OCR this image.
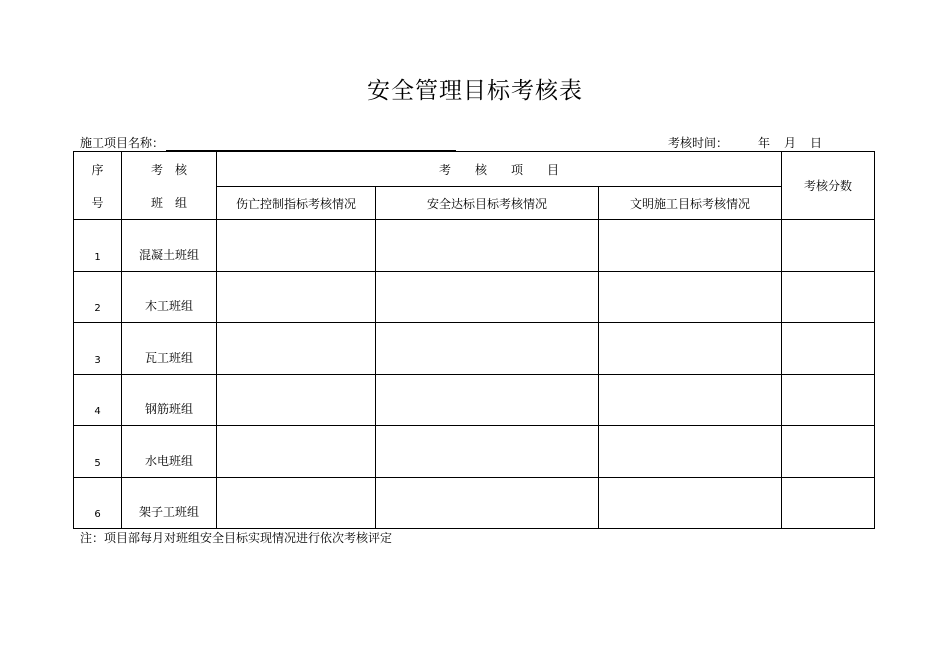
安全管理目标考核表
施工项目名称：	考核时间：	年 月 日
序	考　核	考　　核　　项　　目			考核分数
号	班　组	伤亡控制指标考核情况	安全达标目标考核情况	文明施工目标考核情况	
1	混凝土班组				
2	木工班组				
3	瓦工班组				
4	钢筋班组				
5	水电班组				
6	架子工班组				
注：项目部每月对班组安全目标实现情况进行依次考核评定
